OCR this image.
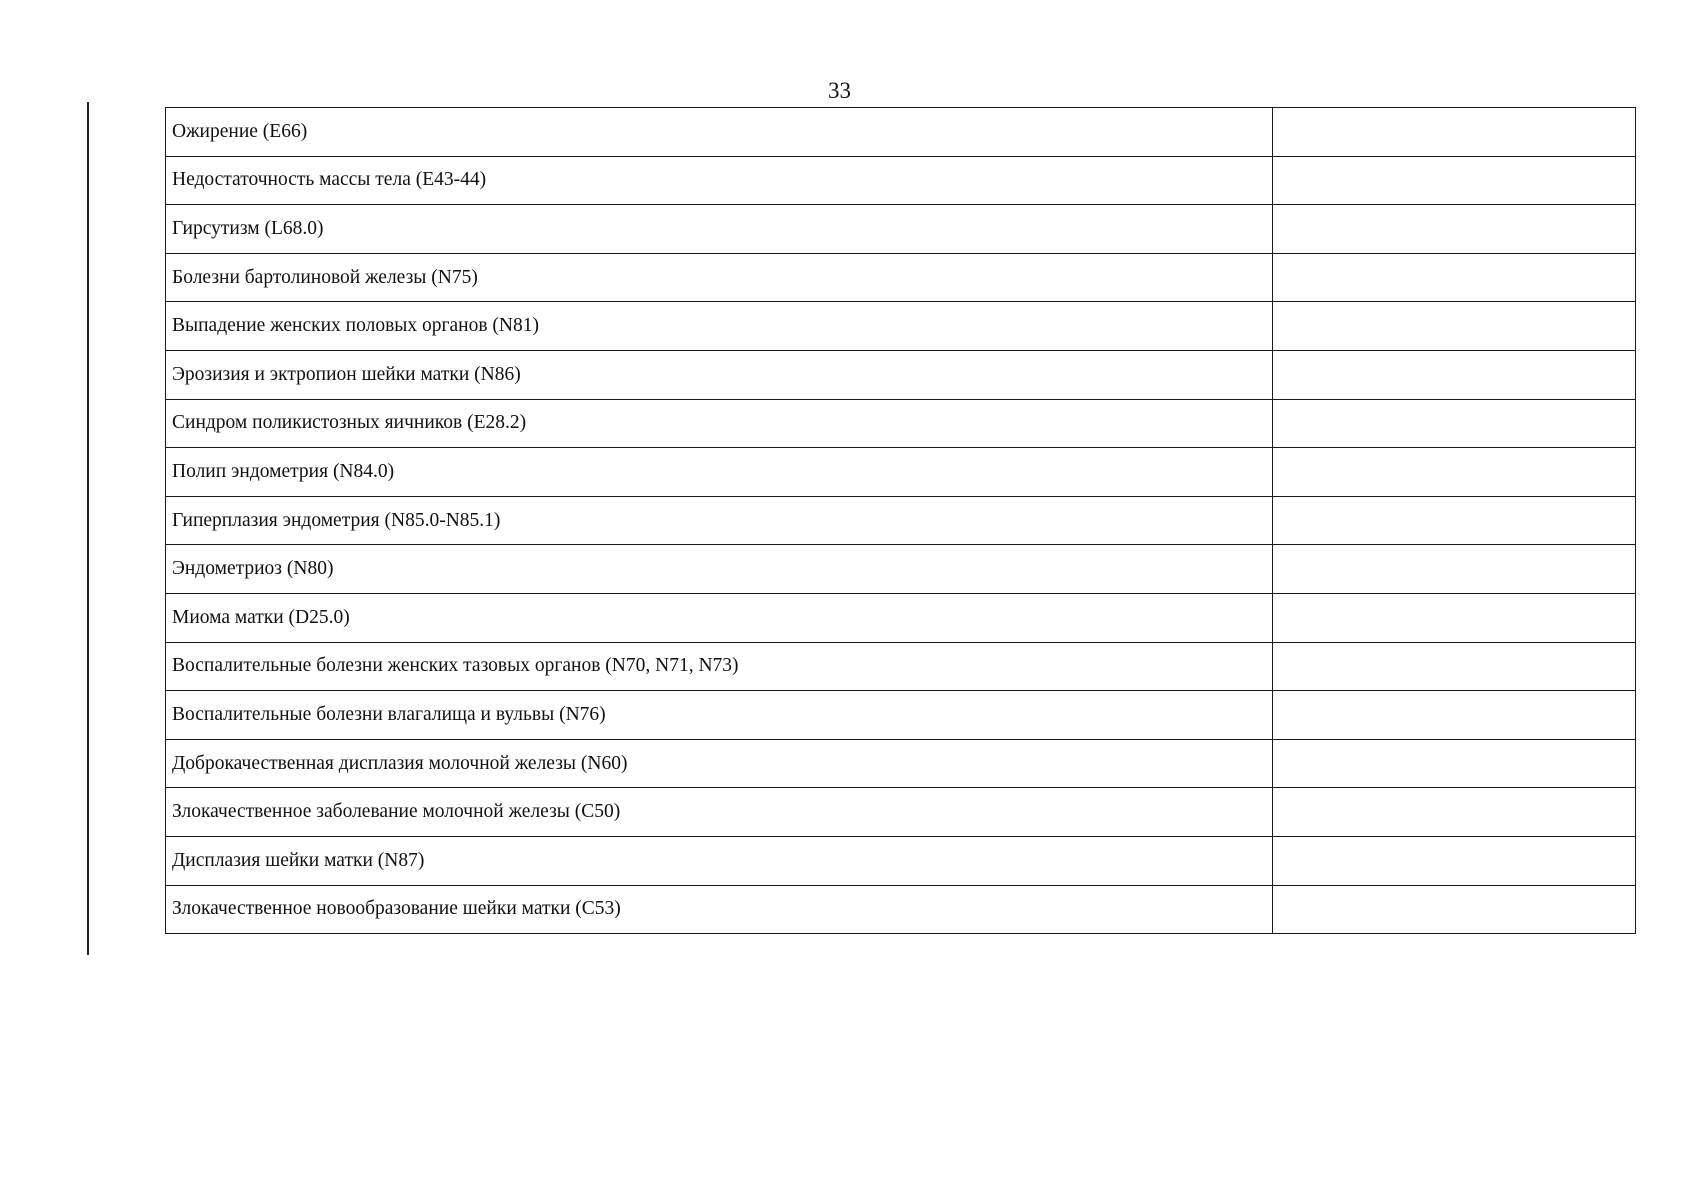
33
Ожирение (Е66)	
Недостаточность массы тела (Е43-44)	
Гирсутизм (L68.0)	
Болезни бартолиновой железы (N75)	
Выпадение женских половых органов (N81)	
Эрозизия и эктропион шейки матки (N86)	
Синдром поликистозных яичников (Е28.2)	
Полип эндометрия (N84.0)	
Гиперплазия эндометрия (N85.0-N85.1)	
Эндометриоз (N80)	
Миома матки (D25.0)	
Воспалительные болезни женских тазовых органов (N70, N71, N73)	
Воспалительные болезни влагалища и вульвы (N76)	
Доброкачественная дисплазия молочной железы (N60)	
Злокачественное заболевание молочной железы (С50)	
Дисплазия шейки матки (N87)	
Злокачественное новообразование шейки матки (С53)	
